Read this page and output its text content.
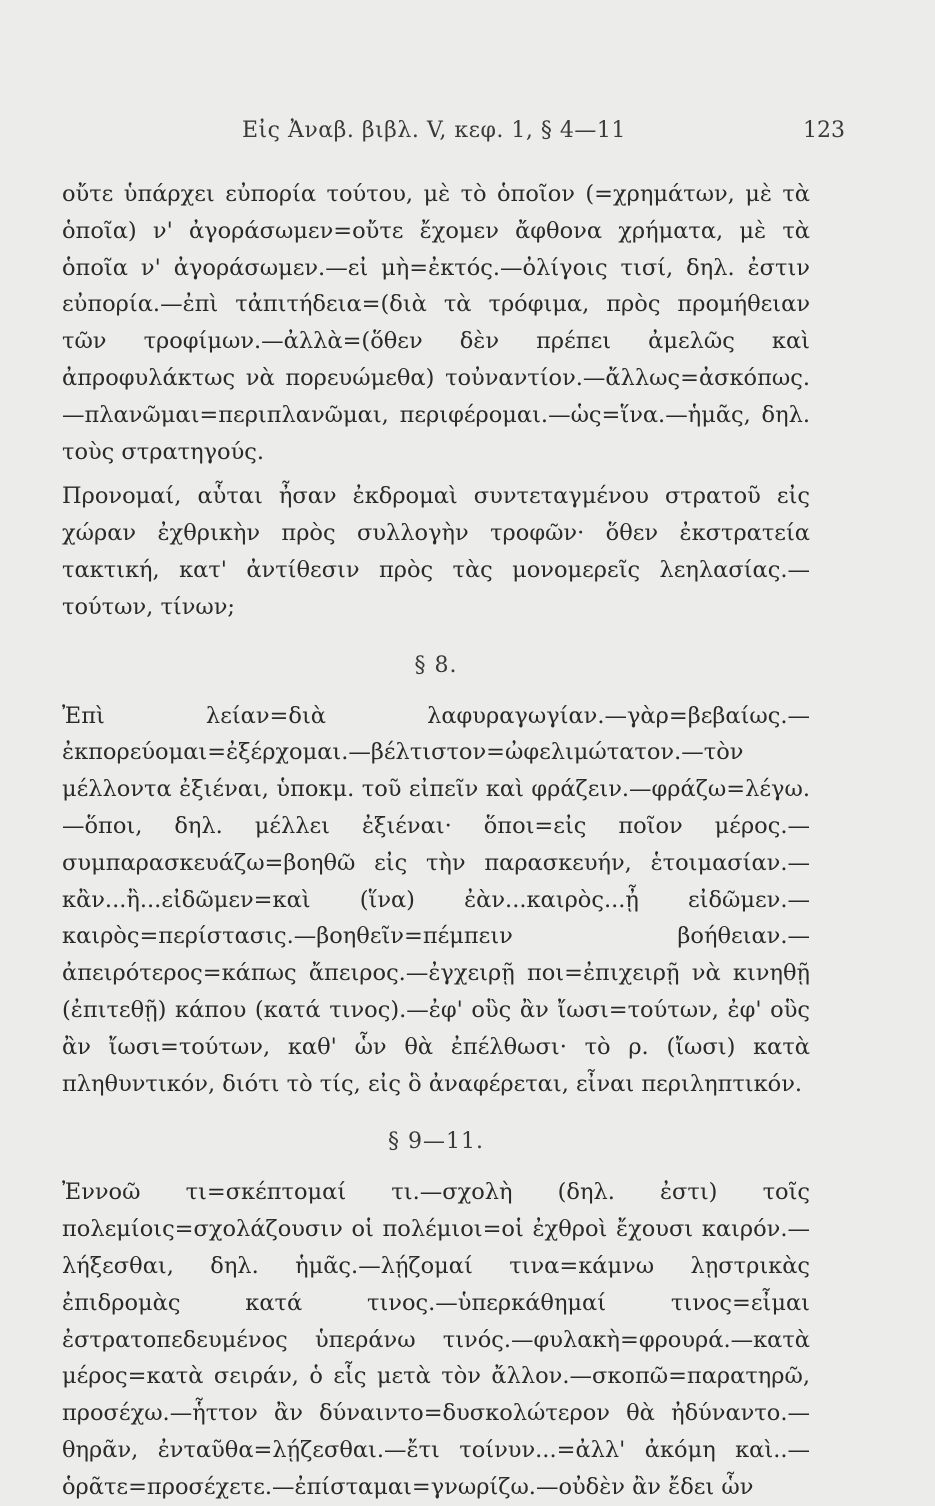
Εἰς Ἀναβ. βιβλ. V, κεφ. 1, § 4—11	123

οὔτε ὑπάρχει εὐπορία τούτου, μὲ τὸ ὁποῖον (=χρημάτων, μὲ τὰ ὁποῖα) ν' ἀγοράσωμεν=οὔτε ἔχομεν ἄφθονα χρήματα, μὲ τὰ ὁποῖα ν' ἀγοράσωμεν.—εἰ μὴ=ἐκτός.—ὀλίγοις τισί, δηλ. ἐστιν εὐπορία.—ἐπὶ τἀπιτήδεια=(διὰ τὰ τρόφιμα, πρὸς προμήθειαν τῶν τροφίμων.—ἀλλὰ=(ὅθεν δὲν πρέπει ἀμελῶς καὶ ἀπροφυλάκτως νὰ πορευώμεθα) τοὐναντίον.—ἄλλως=ἀσκόπως.—πλανῶμαι=περιπλανῶμαι, περιφέρομαι.—ὡς=ἵνα.—ἡμᾶς, δηλ. τοὺς στρατηγούς.

Προνομαί, αὗται ἦσαν ἐκδρομαὶ συντεταγμένου στρατοῦ εἰς χώραν ἐχθρικὴν πρὸς συλλογὴν τροφῶν· ὅθεν ἐκστρατεία τακτική, κατ' ἀντίθεσιν πρὸς τὰς μονομερεῖς λεηλασίας.—τούτων, τίνων;

§ 8.

Ἐπὶ λείαν=διὰ λαφυραγωγίαν.—γὰρ=βεβαίως.—ἐκπορεύομαι=ἐξέρχομαι.—βέλτιστον=ὠφελιμώτατον.—τὸν μέλλοντα ἐξιέναι, ὑποκμ. τοῦ εἰπεῖν καὶ φράζειν.—φράζω=λέγω.—ὅποι, δηλ. μέλλει ἐξιέναι· ὅποι=εἰς ποῖον μέρος.—συμπαρασκευάζω=βοηθῶ εἰς τὴν παρασκευήν, ἑτοιμασίαν.—κἂν...ἢ...εἰδῶμεν=καὶ (ἵνα) ἐὰν...καιρὸς...ᾖ εἰδῶμεν.—καιρὸς=περίστασις.—βοηθεῖν=πέμπειν βοήθειαν.—ἀπειρότερος=κάπως ἄπειρος.—ἐγχειρῇ ποι=ἐπιχειρῇ νὰ κινηθῇ (ἐπιτεθῇ) κάπου (κατά τινος).—ἐφ' οὓς ἂν ἴωσι=τούτων, ἐφ' οὓς ἂν ἴωσι=τούτων, καθ' ὧν θὰ ἐπέλθωσι· τὸ ρ. (ἴωσι) κατὰ πληθυντικόν, διότι τὸ τίς, εἰς ὃ ἀναφέρεται, εἶναι περιληπτικόν.

§ 9—11.

Ἐννοῶ τι=σκέπτομαί τι.—σχολὴ (δηλ. ἐστι) τοῖς πολεμίοις=σχολάζουσιν οἱ πολέμιοι=οἱ ἐχθροὶ ἔχουσι καιρόν.—λήξεσθαι, δηλ. ἡμᾶς.—λῄζομαί τινα=κάμνω λῃστρικὰς ἐπιδρομὰς κατά τινος.—ὑπερκάθημαί τινος=εἶμαι ἐστρατοπεδευμένος ὑπεράνω τινός.—φυλακὴ=φρουρά.—κατὰ μέρος=κατὰ σειράν, ὁ εἷς μετὰ τὸν ἄλλον.—σκοπῶ=παρατηρῶ, προσέχω.—ἧττον ἂν δύναιντο=δυσκολώτερον θὰ ἠδύναντο.—θηρᾶν, ἐνταῦθα=λῄζεσθαι.—ἔτι τοίνυν...=ἀλλ' ἀκόμη καὶ..—ὁρᾶτε=προσέχετε.—ἐπίσταμαι=γνωρίζω.—οὐδὲν ἂν ἔδει ὧν
